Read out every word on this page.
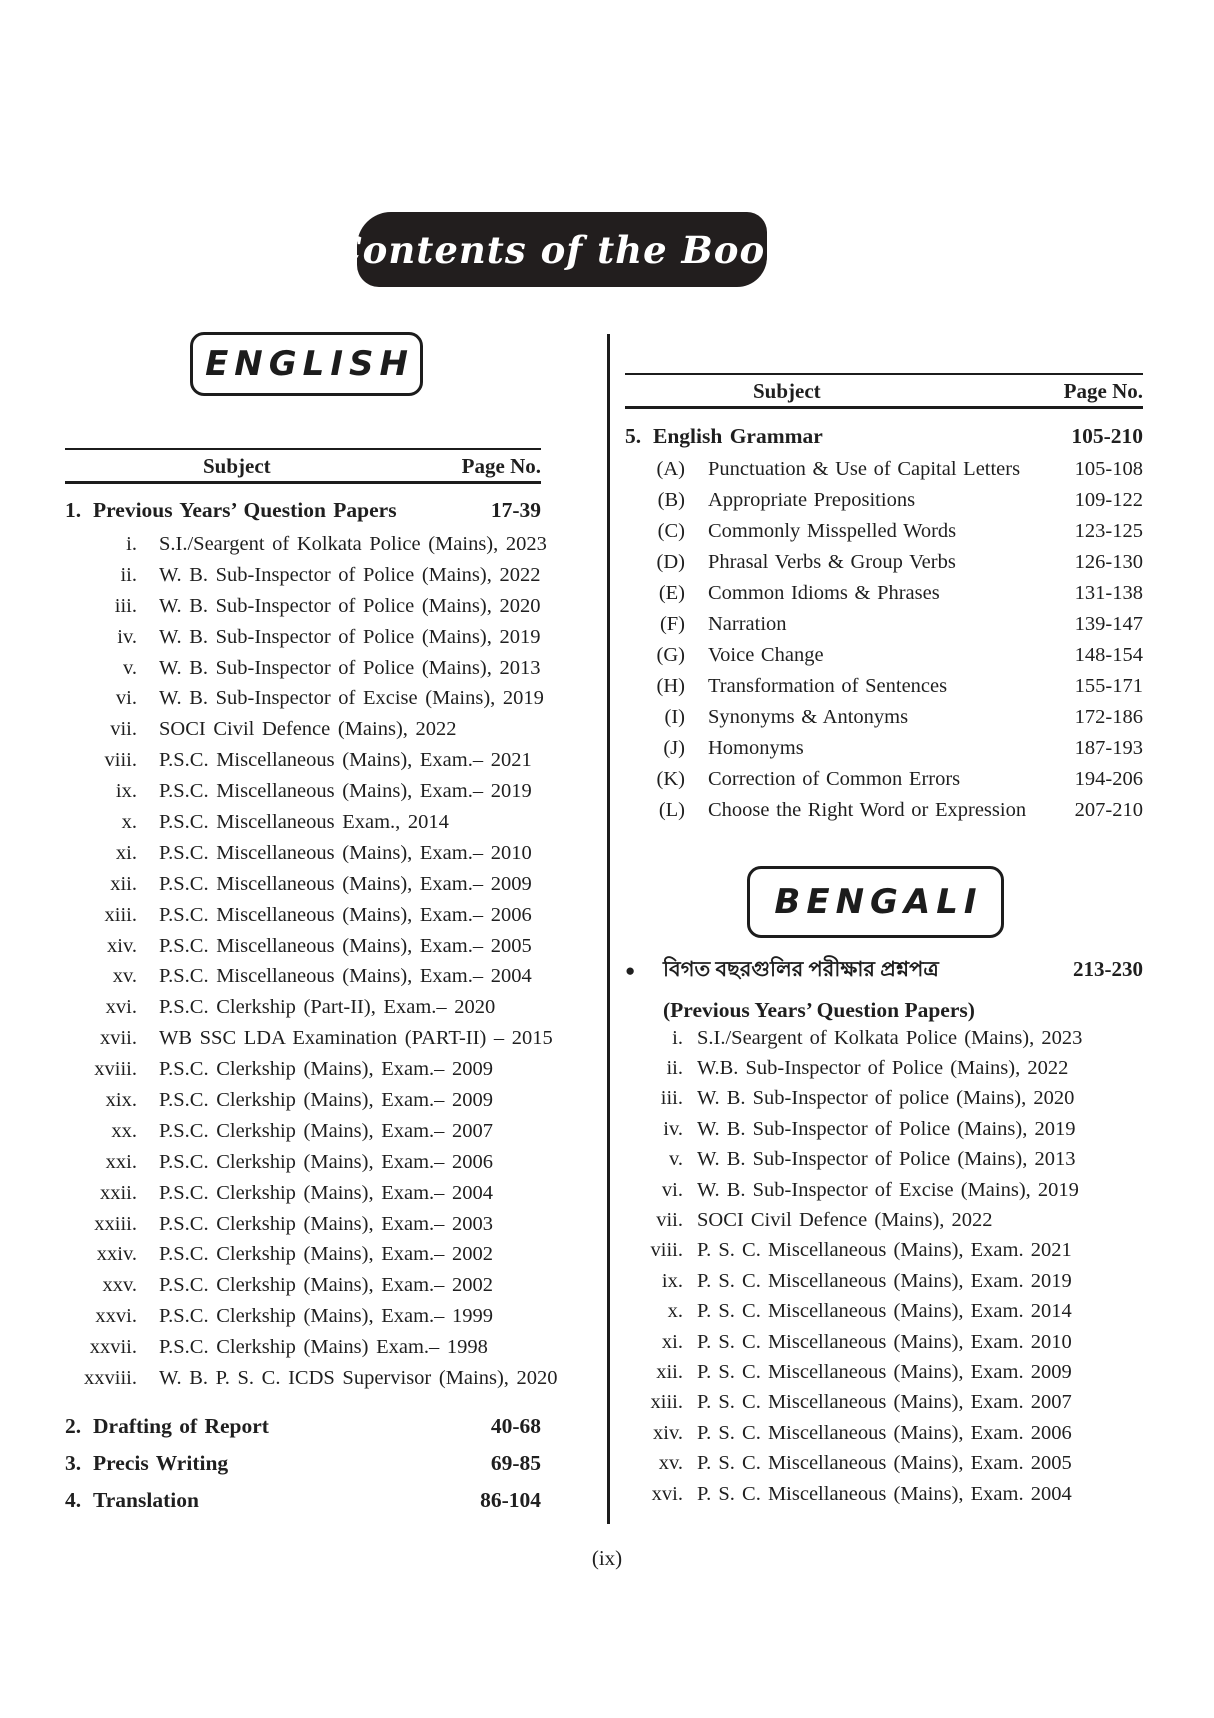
Contents of the Book
ENGLISH
Subject	Page No.
1. Previous Years’ Question Papers	17-39
i.	S.I./Seargent of Kolkata Police (Mains), 2023
ii.	W. B. Sub-Inspector of Police (Mains), 2022
iii.	W. B. Sub-Inspector of Police (Mains), 2020
iv.	W. B. Sub-Inspector of Police (Mains), 2019
v.	W. B. Sub-Inspector of Police (Mains), 2013
vi.	W. B. Sub-Inspector of Excise (Mains), 2019
vii.	SOCI Civil Defence (Mains), 2022
viii.	P.S.C. Miscellaneous (Mains), Exam.– 2021
ix.	P.S.C. Miscellaneous (Mains), Exam.– 2019
x.	P.S.C. Miscellaneous Exam., 2014
xi.	P.S.C. Miscellaneous (Mains), Exam.– 2010
xii.	P.S.C. Miscellaneous (Mains), Exam.– 2009
xiii.	P.S.C. Miscellaneous (Mains), Exam.– 2006
xiv.	P.S.C. Miscellaneous (Mains), Exam.– 2005
xv.	P.S.C. Miscellaneous (Mains), Exam.– 2004
xvi.	P.S.C. Clerkship (Part-II), Exam.– 2020
xvii.	WB SSC LDA Examination (PART-II) – 2015
xviii.	P.S.C. Clerkship (Mains), Exam.– 2009
xix.	P.S.C. Clerkship (Mains), Exam.– 2009
xx.	P.S.C. Clerkship (Mains), Exam.– 2007
xxi.	P.S.C. Clerkship (Mains), Exam.– 2006
xxii.	P.S.C. Clerkship (Mains), Exam.– 2004
xxiii.	P.S.C. Clerkship (Mains), Exam.– 2003
xxiv.	P.S.C. Clerkship (Mains), Exam.– 2002
xxv.	P.S.C. Clerkship (Mains), Exam.– 2002
xxvi.	P.S.C. Clerkship (Mains), Exam.– 1999
xxvii.	P.S.C. Clerkship (Mains) Exam.– 1998
xxviii.	W. B. P. S. C. ICDS Supervisor (Mains), 2020
2. Drafting of Report	40-68
3. Precis Writing	69-85
4. Translation	86-104
Subject	Page No.
5. English Grammar	105-210
(A)	Punctuation & Use of Capital Letters	105-108
(B)	Appropriate Prepositions	109-122
(C)	Commonly Misspelled Words	123-125
(D)	Phrasal Verbs & Group Verbs	126-130
(E)	Common Idioms & Phrases	131-138
(F)	Narration	139-147
(G)	Voice Change	148-154
(H)	Transformation of Sentences	155-171
(I)	Synonyms & Antonyms	172-186
(J)	Homonyms	187-193
(K)	Correction of Common Errors	194-206
(L)	Choose the Right Word or Expression 207-210
●	বিগত বছরগুলির পরীক্ষার প্রশ্নপত্র	213-230
(Previous Years’ Question Papers)
i. S.I./Seargent of Kolkata Police (Mains), 2023
ii. W.B. Sub-Inspector of Police (Mains), 2022
iii. W. B. Sub-Inspector of police (Mains), 2020
iv. W. B. Sub-Inspector of Police (Mains), 2019
v. W. B. Sub-Inspector of Police (Mains), 2013
vi. W. B. Sub-Inspector of Excise (Mains), 2019
vii. SOCI Civil Defence (Mains), 2022
viii. P. S. C. Miscellaneous (Mains), Exam. 2021
ix. P. S. C. Miscellaneous (Mains), Exam. 2019
x. P. S. C. Miscellaneous (Mains), Exam. 2014
xi. P. S. C. Miscellaneous (Mains), Exam. 2010
xii. P. S. C. Miscellaneous (Mains), Exam. 2009
xiii. P. S. C. Miscellaneous (Mains), Exam. 2007
xiv. P. S. C. Miscellaneous (Mains), Exam. 2006
xv. P. S. C. Miscellaneous (Mains), Exam. 2005
xvi. P. S. C. Miscellaneous (Mains), Exam. 2004
BENGALI
(ix)
